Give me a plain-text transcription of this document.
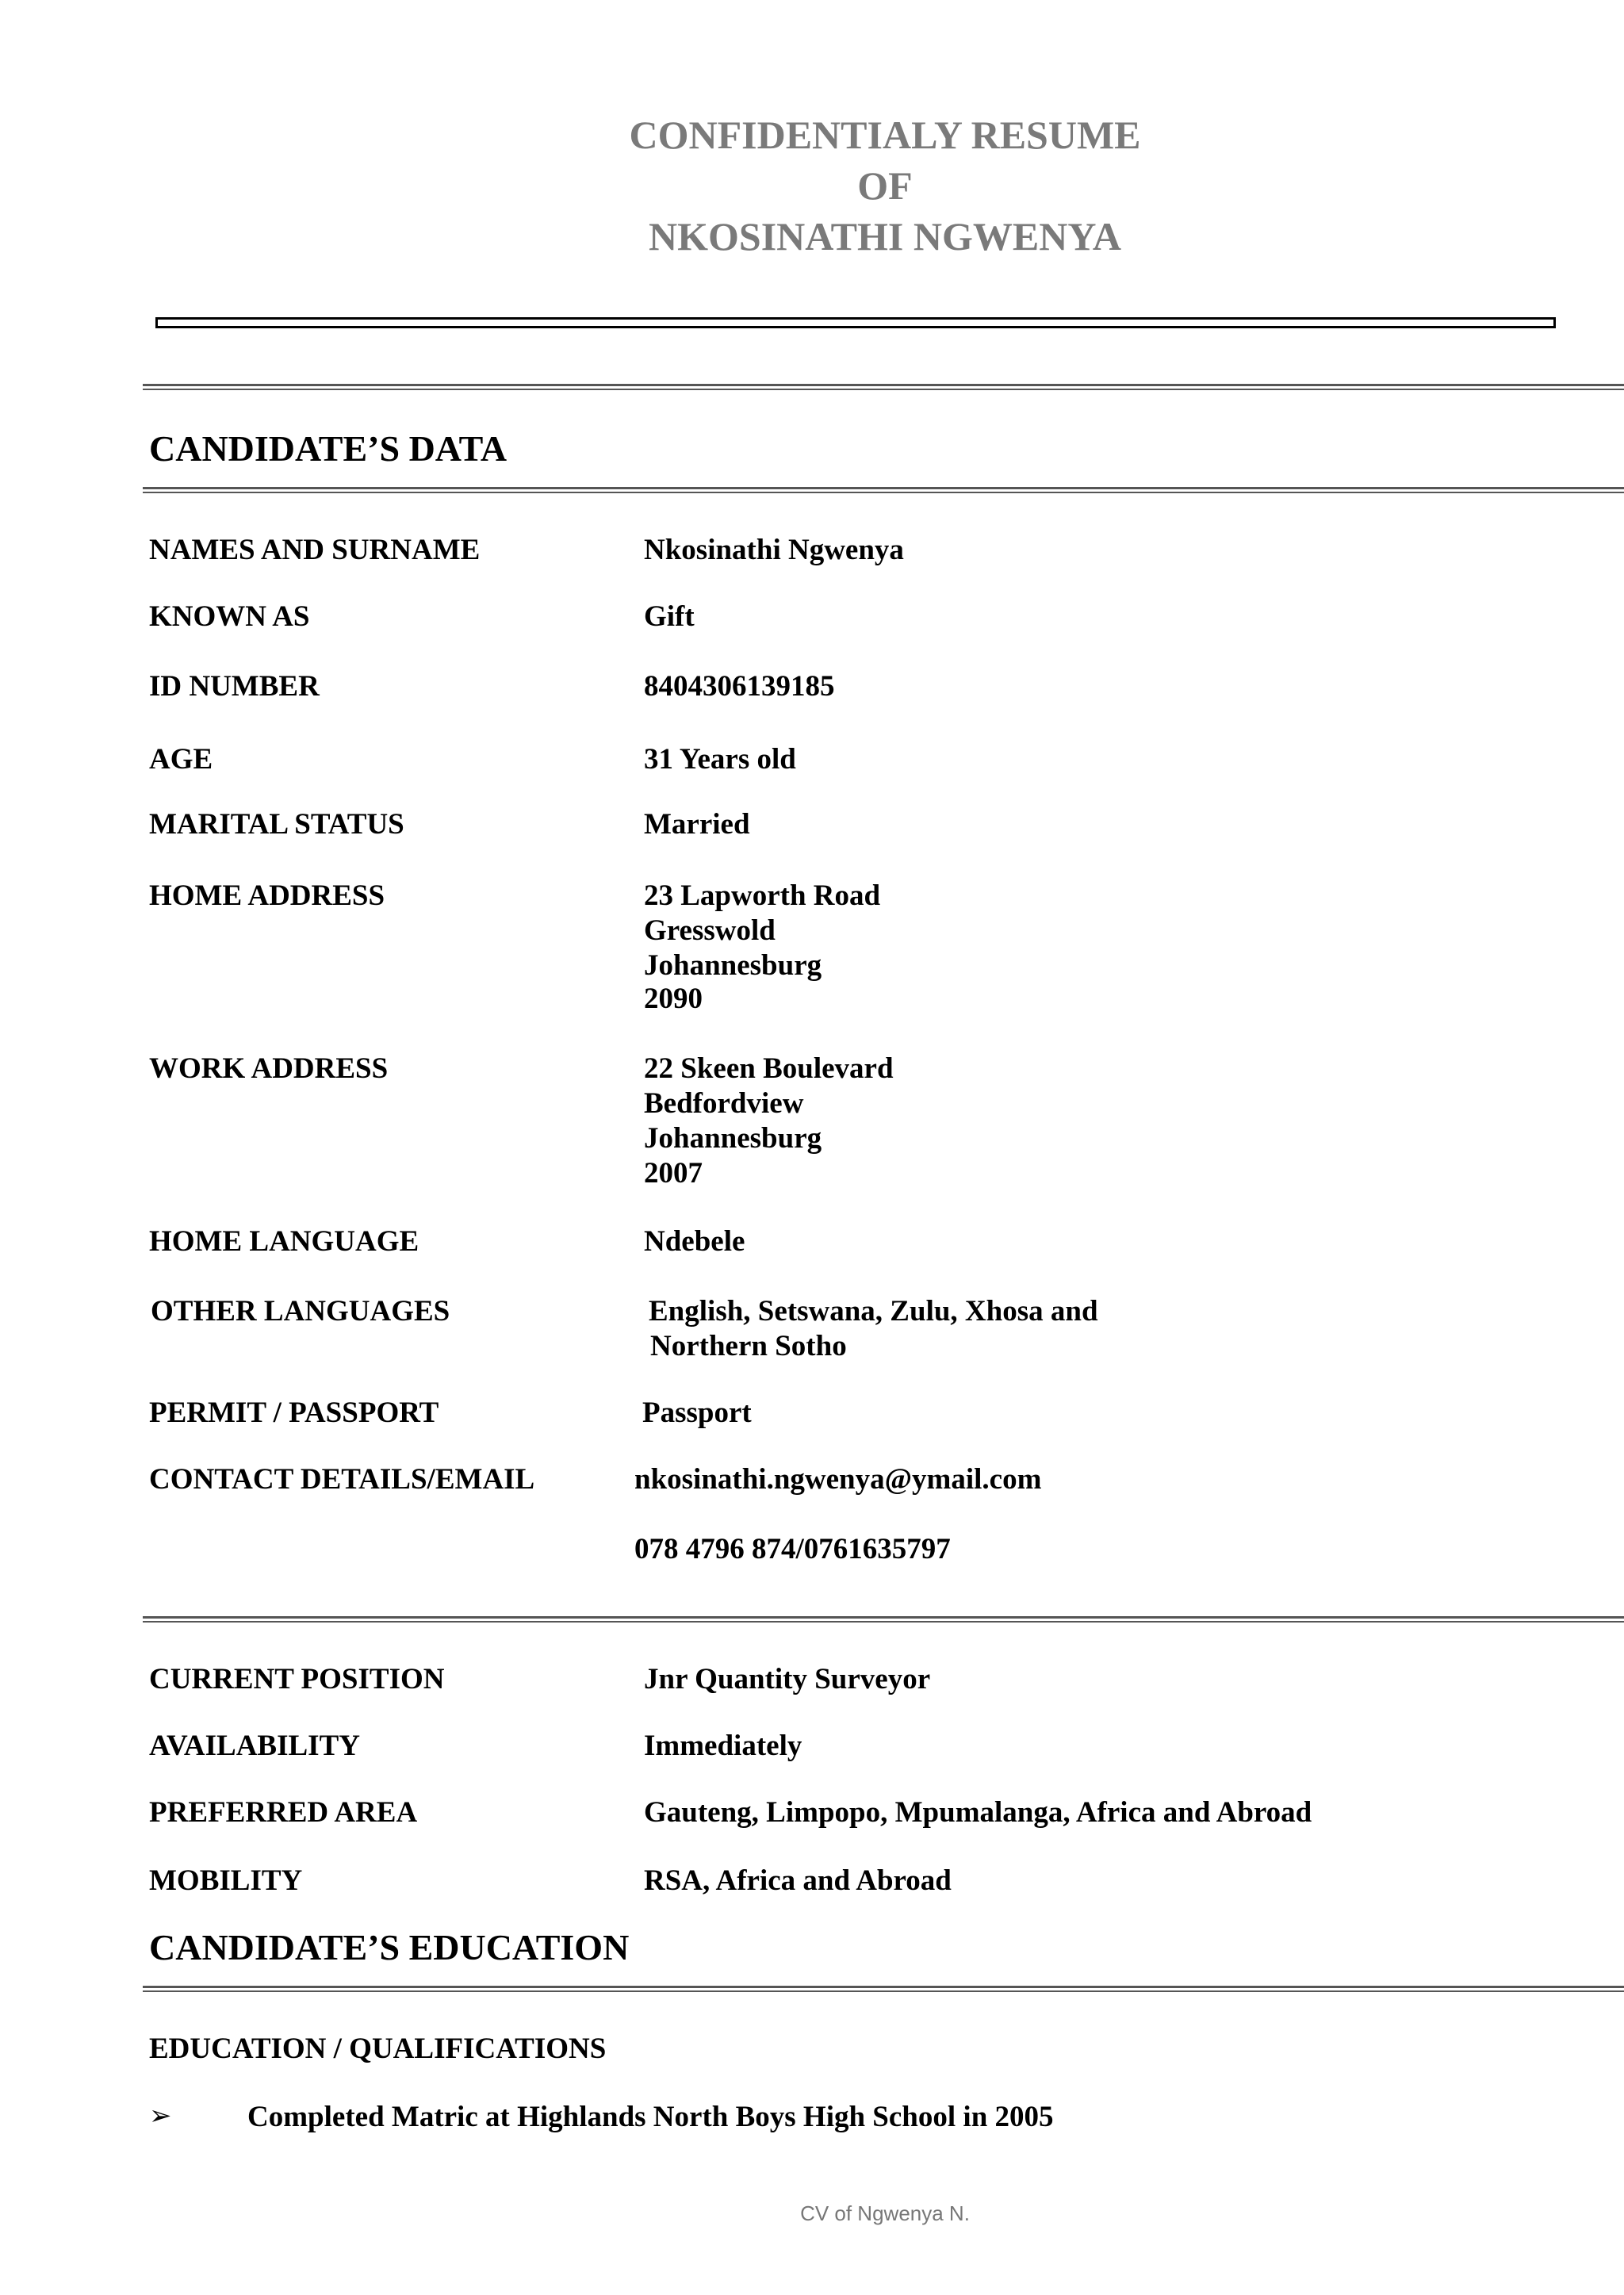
CONFIDENTIALY RESUME
OF
NKOSINATHI NGWENYA
CANDIDATE’S DATA
NAMES AND SURNAME	Nkosinathi Ngwenya
KNOWN AS	Gift
ID NUMBER	8404306139185
AGE	31 Years old
MARITAL STATUS	Married
HOME ADDRESS	23 Lapworth Road
Gresswold
Johannesburg
2090
WORK ADDRESS	22 Skeen Boulevard
Bedfordview
Johannesburg
2007
HOME LANGUAGE	Ndebele
OTHER LANGUAGES	English, Setswana, Zulu, Xhosa and
Northern Sotho
PERMIT / PASSPORT	Passport
CONTACT DETAILS/EMAIL	nkosinathi.ngwenya@ymail.com
078 4796 874/0761635797
CURRENT POSITION	Jnr Quantity Surveyor
AVAILABILITY	Immediately
PREFERRED AREA	Gauteng, Limpopo, Mpumalanga, Africa and Abroad
MOBILITY	RSA, Africa and Abroad
CANDIDATE’S EDUCATION
EDUCATION / QUALIFICATIONS
➢	Completed Matric at Highlands North Boys High School in 2005
CV of Ngwenya N.
